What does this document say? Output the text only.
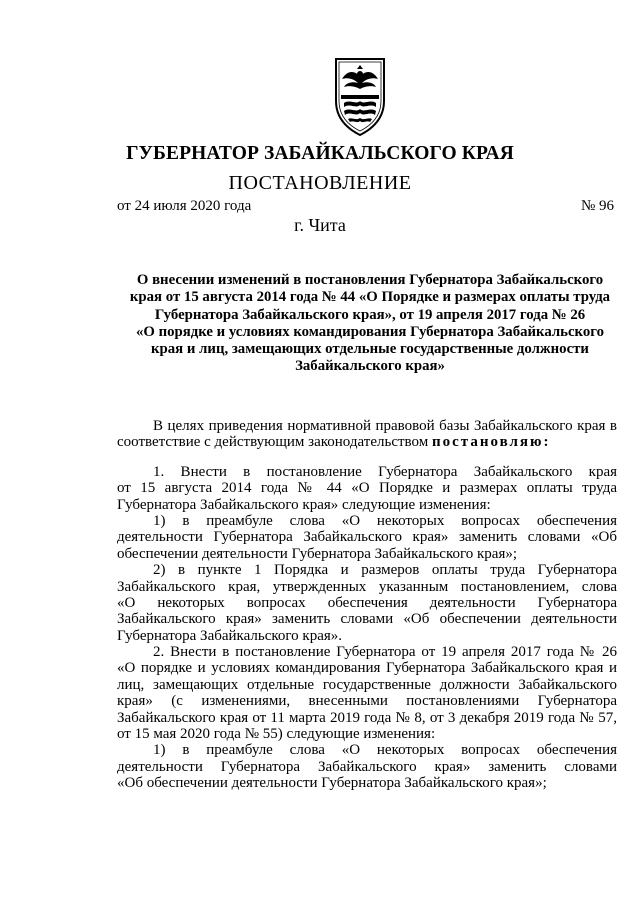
ГУБЕРНАТОР ЗАБАЙКАЛЬСКОГО КРАЯ
ПОСТАНОВЛЕНИЕ
от 24 июля 2020 года	№ 96
г. Чита
О внесении изменений в постановления Губернатора Забайкальского
края от 15 августа 2014 года № 44 «О Порядке и размерах оплаты труда
Губернатора Забайкальского края», от 19 апреля 2017 года № 26
«О порядке и условиях командирования Губернатора Забайкальского
края и лиц, замещающих отдельные государственные должности
Забайкальского края»

В целях приведения нормативной правовой базы Забайкальского края в
соответствие с действующим законодательством постановляю:

1. Внести в постановление Губернатора Забайкальского края
от 15 августа 2014 года № 44 «О Порядке и размерах оплаты труда
Губернатора Забайкальского края» следующие изменения:

1) в преамбуле слова «О некоторых вопросах обеспечения
деятельности Губернатора Забайкальского края» заменить словами «Об
обеспечении деятельности Губернатора Забайкальского края»;

2) в пункте 1 Порядка и размеров оплаты труда Губернатора
Забайкальского края, утвержденных указанным постановлением, слова
«О некоторых вопросах обеспечения деятельности Губернатора
Забайкальского края» заменить словами «Об обеспечении деятельности
Губернатора Забайкальского края».

2. Внести в постановление Губернатора от 19 апреля 2017 года № 26
«О порядке и условиях командирования Губернатора Забайкальского края и
лиц, замещающих отдельные государственные должности Забайкальского
края» (с изменениями, внесенными постановлениями Губернатора
Забайкальского края от 11 марта 2019 года № 8, от 3 декабря 2019 года № 57,
от 15 мая 2020 года № 55) следующие изменения:

1) в преамбуле слова «О некоторых вопросах обеспечения
деятельности Губернатора Забайкальского края» заменить словами
«Об обеспечении деятельности Губернатора Забайкальского края»;
